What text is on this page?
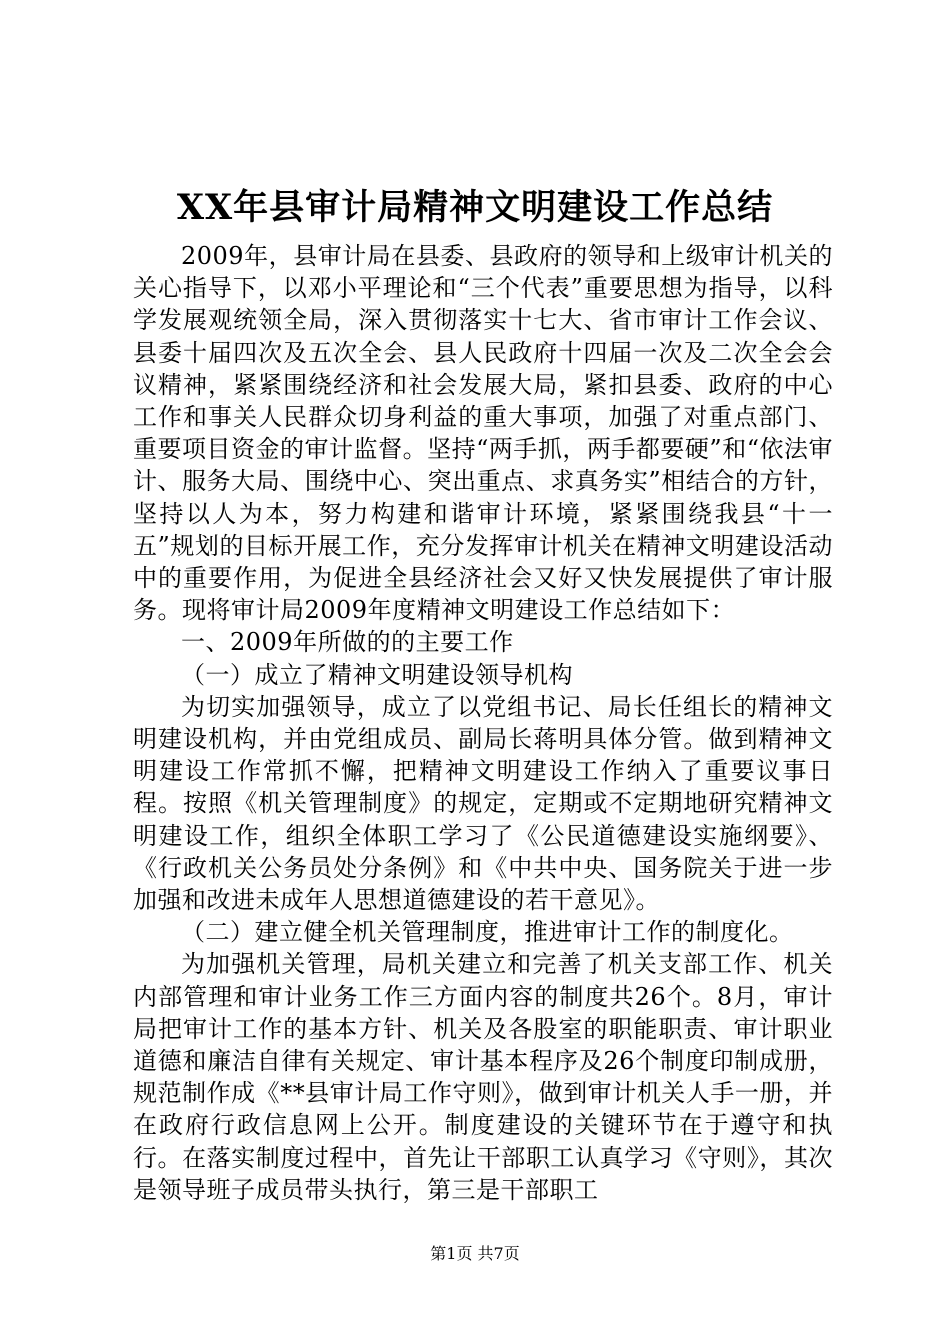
XX年县审计局精神文明建设工作总结

2009年，县审计局在县委、县政府的领导和上级审计机关的关心指导下，以邓小平理论和“三个代表”重要思想为指导，以科学发展观统领全局，深入贯彻落实十七大、省市审计工作会议、县委十届四次及五次全会、县人民政府十四届一次及二次全会会议精神，紧紧围绕经济和社会发展大局，紧扣县委、政府的中心工作和事关人民群众切身利益的重大事项，加强了对重点部门、重要项目资金的审计监督。坚持“两手抓，两手都要硬”和“依法审计、服务大局、围绕中心、突出重点、求真务实”相结合的方针，坚持以人为本，努力构建和谐审计环境，紧紧围绕我县“十一五”规划的目标开展工作，充分发挥审计机关在精神文明建设活动中的重要作用，为促进全县经济社会又好又快发展提供了审计服务。现将审计局2009年度精神文明建设工作总结如下：

一、2009年所做的的主要工作

（一）成立了精神文明建设领导机构

为切实加强领导，成立了以党组书记、局长任组长的精神文明建设机构，并由党组成员、副局长蒋明具体分管。做到精神文明建设工作常抓不懈，把精神文明建设工作纳入了重要议事日程。按照《机关管理制度》的规定，定期或不定期地研究精神文明建设工作，组织全体职工学习了《公民道德建设实施纲要》、《行政机关公务员处分条例》和《中共中央、国务院关于进一步加强和改进未成年人思想道德建设的若干意见》。

（二）建立健全机关管理制度，推进审计工作的制度化。

为加强机关管理，局机关建立和完善了机关支部工作、机关内部管理和审计业务工作三方面内容的制度共26个。8月，审计局把审计工作的基本方针、机关及各股室的职能职责、审计职业道德和廉洁自律有关规定、审计基本程序及26个制度印制成册，规范制作成《**县审计局工作守则》，做到审计机关人手一册，并在政府行政信息网上公开。制度建设的关键环节在于遵守和执行。在落实制度过程中，首先让干部职工认真学习《守则》，其次是领导班子成员带头执行，第三是干部职工

第1页 共7页
